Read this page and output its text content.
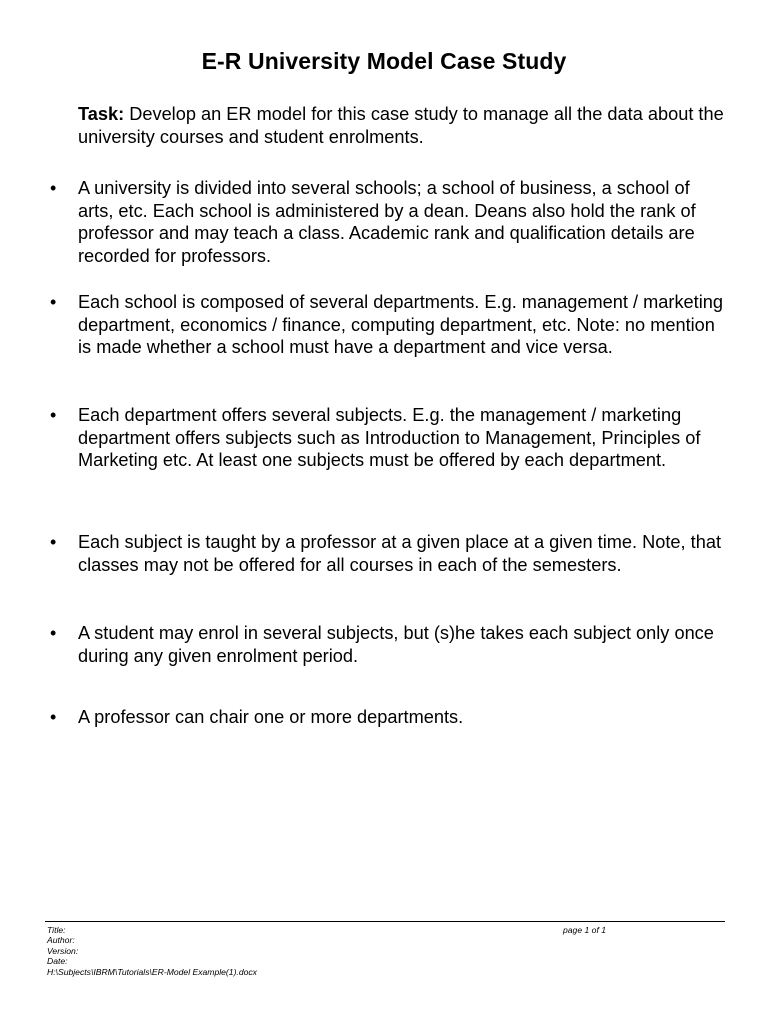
E-R University Model Case Study
Task: Develop an ER model for this case study to manage all the data about the university courses and student enrolments.
•	A university is divided into several schools; a school of business, a school of arts, etc. Each school is administered by a dean. Deans also hold the rank of professor and may teach a class. Academic rank and qualification details are recorded for professors.
•	Each school is composed of several departments. E.g. management / marketing department, economics / finance, computing department, etc. Note: no mention is made whether a school must have a department and vice versa.
•	Each department offers several subjects. E.g. the management / marketing department offers subjects such as Introduction to Management, Principles of Marketing etc. At least one subjects must be offered by each department.
•	Each subject is taught by a professor at a given place at a given time. Note, that classes may not be offered for all courses in each of the semesters.
•	A student may enrol in several subjects, but (s)he takes each subject only once during any given enrolment period.
•	A professor can chair one or more departments.
Title:
Author:
Version:
Date:
H:\Subjects\IBRM\Tutorials\ER-Model Example(1).docx
page 1 of 1
